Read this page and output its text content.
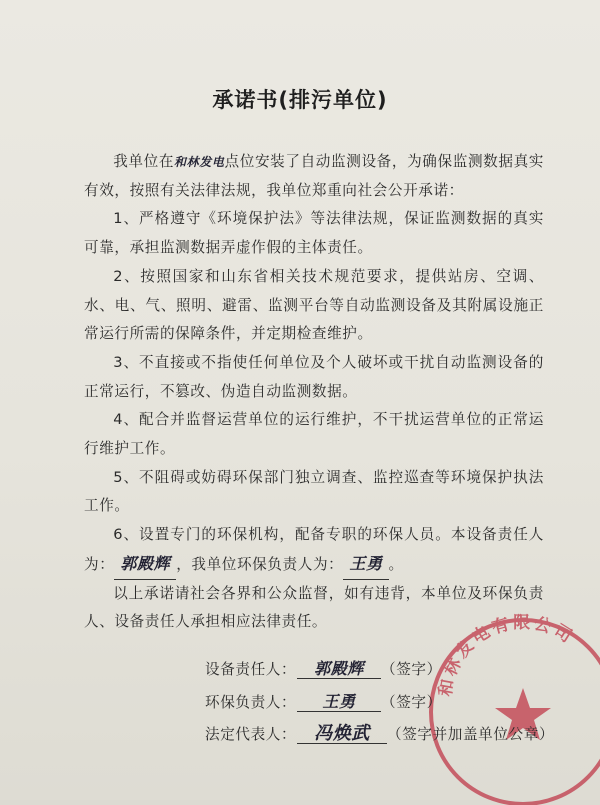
承诺书(排污单位)

我单位在和林发电点位安装了自动监测设备，为确保监测数据真实有效，按照有关法律法规，我单位郑重向社会公开承诺：

1、严格遵守《环境保护法》等法律法规，保证监测数据的真实可靠，承担监测数据弄虚作假的主体责任。

2、按照国家和山东省相关技术规范要求，提供站房、空调、水、电、气、照明、避雷、监测平台等自动监测设备及其附属设施正常运行所需的保障条件，并定期检查维护。

3、不直接或不指使任何单位及个人破坏或干扰自动监测设备的正常运行，不篡改、伪造自动监测数据。

4、配合并监督运营单位的运行维护，不干扰运营单位的正常运行维护工作。

5、不阻碍或妨碍环保部门独立调查、监控巡查等环境保护执法工作。

6、设置专门的环保机构，配备专职的环保人员。本设备责任人为： 郭殿辉 ，我单位环保负责人为： 王勇 。

以上承诺请社会各界和公众监督，如有违背，本单位及环保负责人、设备责任人承担相应法律责任。

和林发电有限公司
设备责任人： 郭殿辉 （签字）
环保负责人： 王勇 （签字）
法定代表人： 冯焕武 （签字并加盖单位公章）
